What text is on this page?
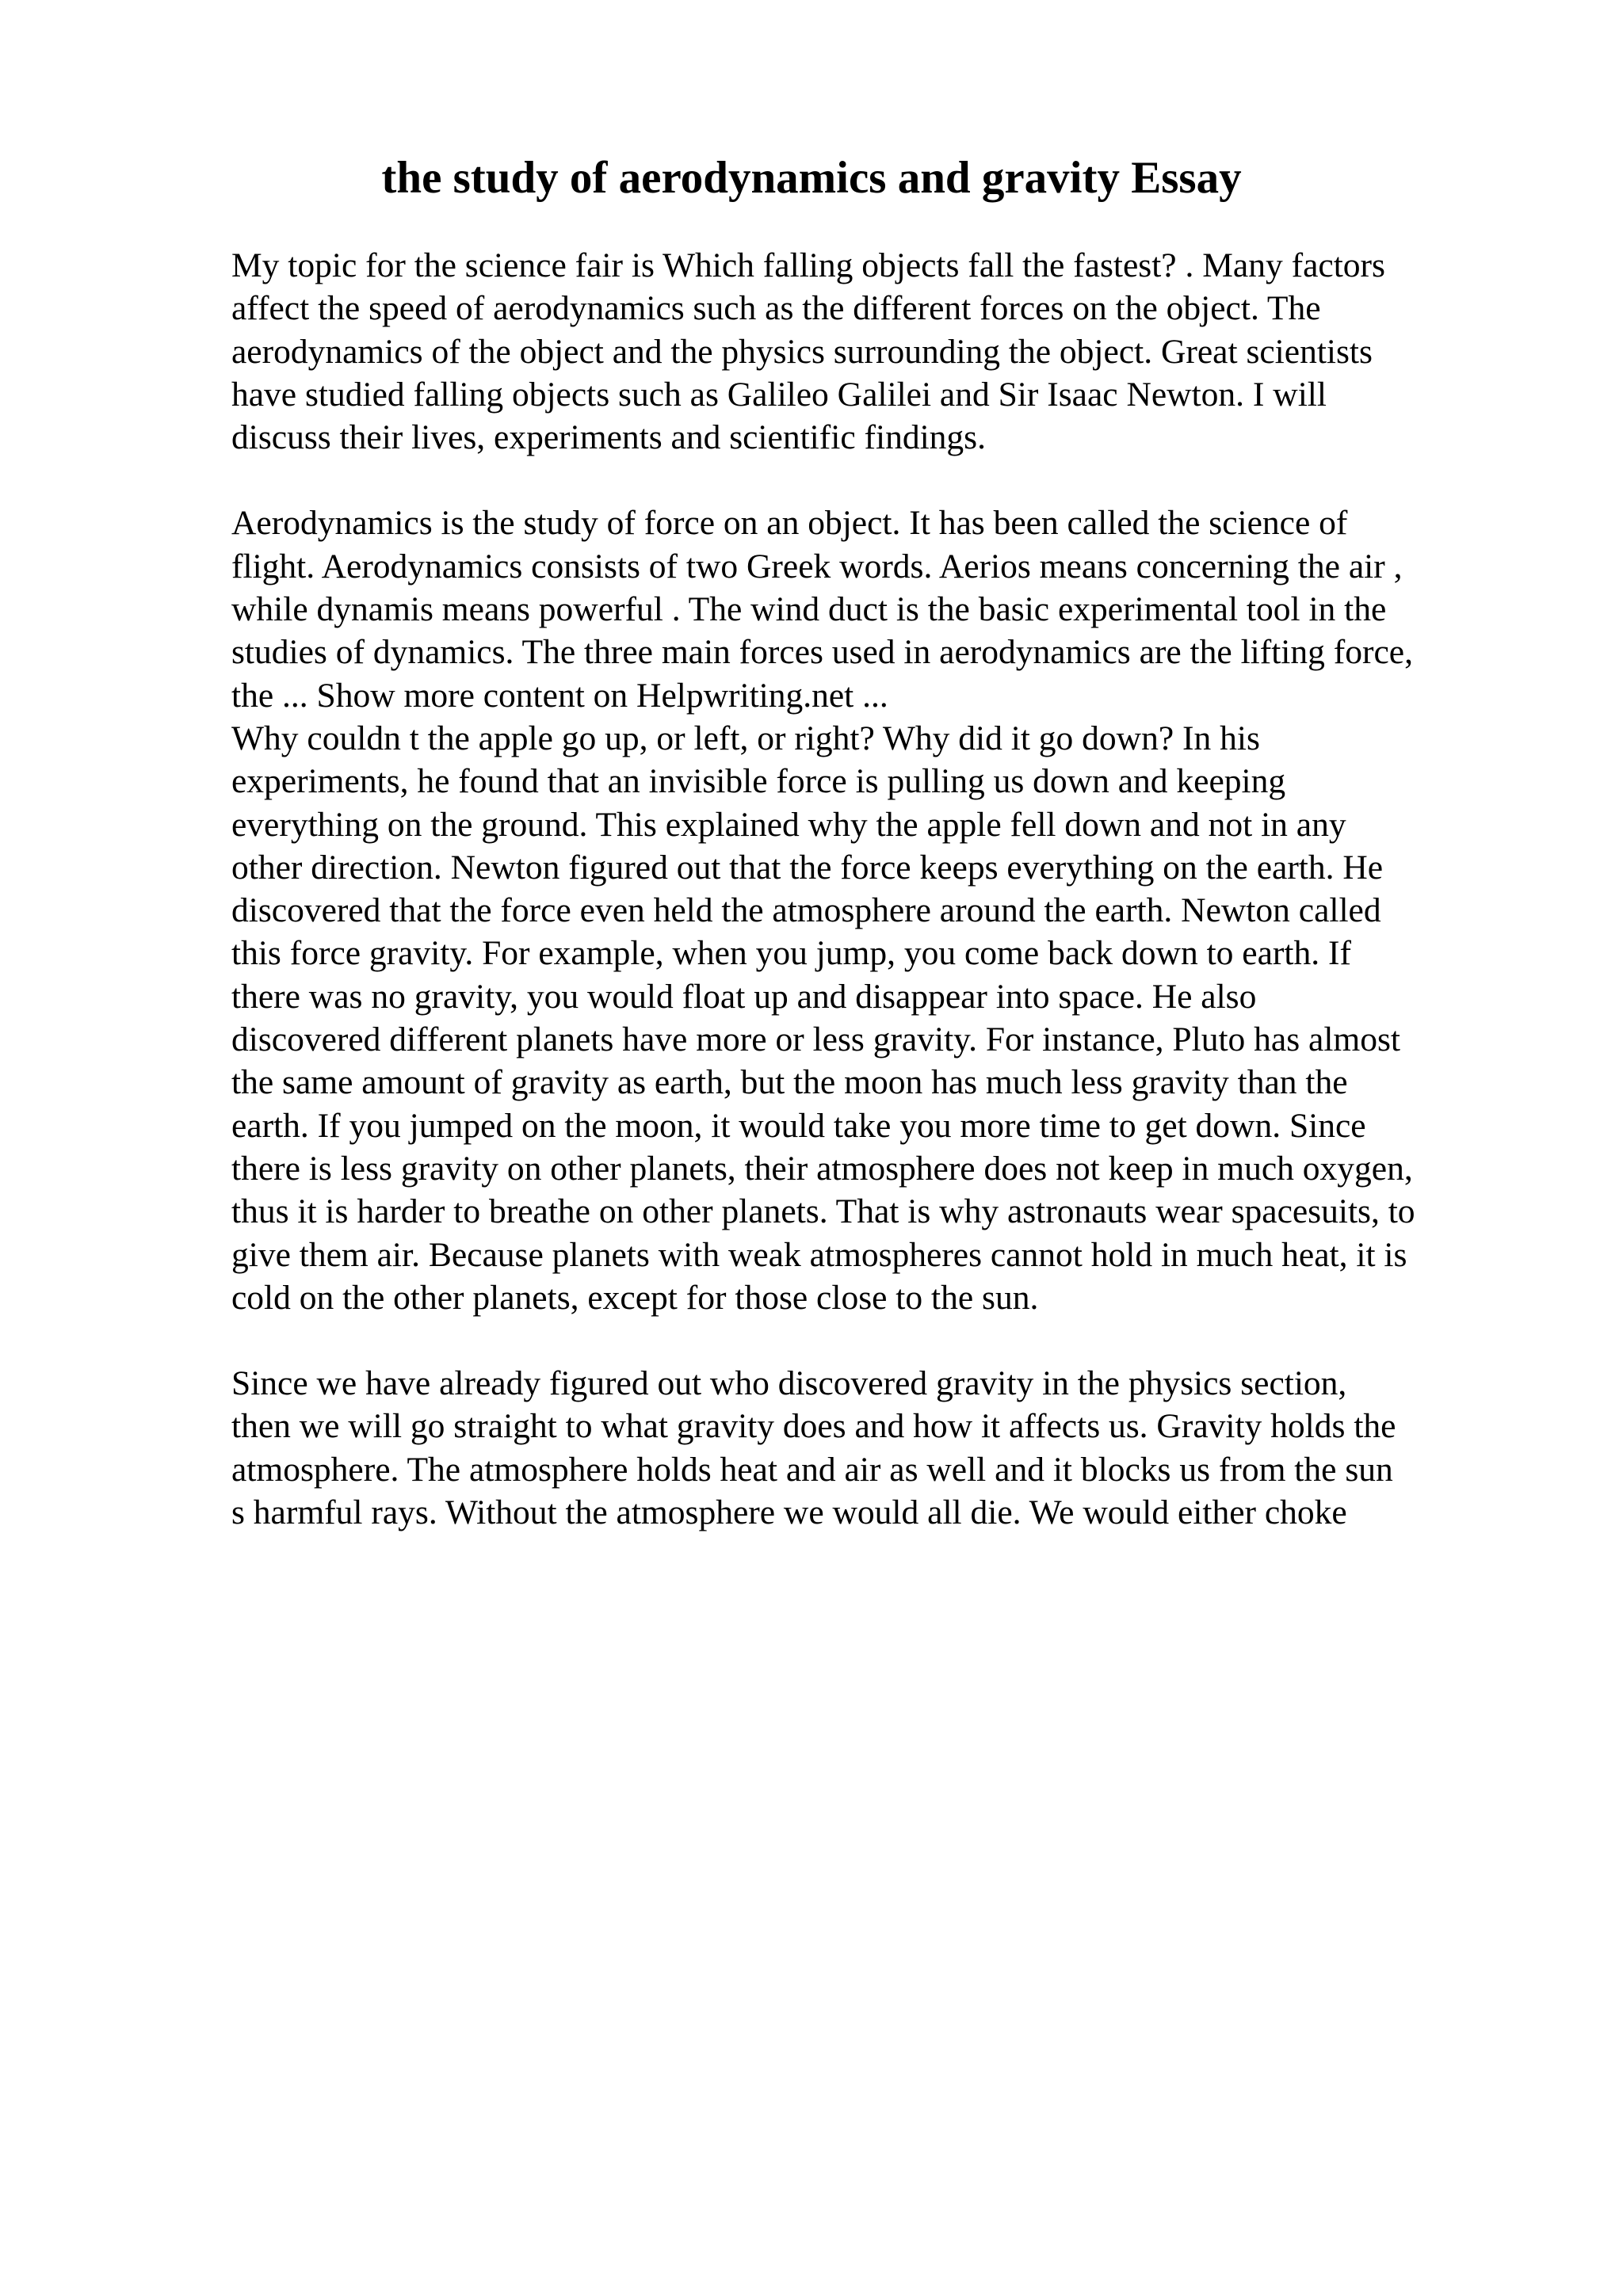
the study of aerodynamics and gravity Essay

My topic for the science fair is Which falling objects fall the fastest? . Many factors
affect the speed of aerodynamics such as the different forces on the object. The
aerodynamics of the object and the physics surrounding the object. Great scientists
have studied falling objects such as Galileo Galilei and Sir Isaac Newton. I will
discuss their lives, experiments and scientific findings.

Aerodynamics is the study of force on an object. It has been called the science of
flight. Aerodynamics consists of two Greek words. Aerios means concerning the air ,
while dynamis means powerful . The wind duct is the basic experimental tool in the
studies of dynamics. The three main forces used in aerodynamics are the lifting force,
the ... Show more content on Helpwriting.net ...
Why couldn t the apple go up, or left, or right? Why did it go down? In his
experiments, he found that an invisible force is pulling us down and keeping
everything on the ground. This explained why the apple fell down and not in any
other direction. Newton figured out that the force keeps everything on the earth. He
discovered that the force even held the atmosphere around the earth. Newton called
this force gravity. For example, when you jump, you come back down to earth. If
there was no gravity, you would float up and disappear into space. He also
discovered different planets have more or less gravity. For instance, Pluto has almost
the same amount of gravity as earth, but the moon has much less gravity than the
earth. If you jumped on the moon, it would take you more time to get down. Since
there is less gravity on other planets, their atmosphere does not keep in much oxygen,
thus it is harder to breathe on other planets. That is why astronauts wear spacesuits, to
give them air. Because planets with weak atmospheres cannot hold in much heat, it is
cold on the other planets, except for those close to the sun.

Since we have already figured out who discovered gravity in the physics section,
then we will go straight to what gravity does and how it affects us. Gravity holds the
atmosphere. The atmosphere holds heat and air as well and it blocks us from the sun
s harmful rays. Without the atmosphere we would all die. We would either choke
